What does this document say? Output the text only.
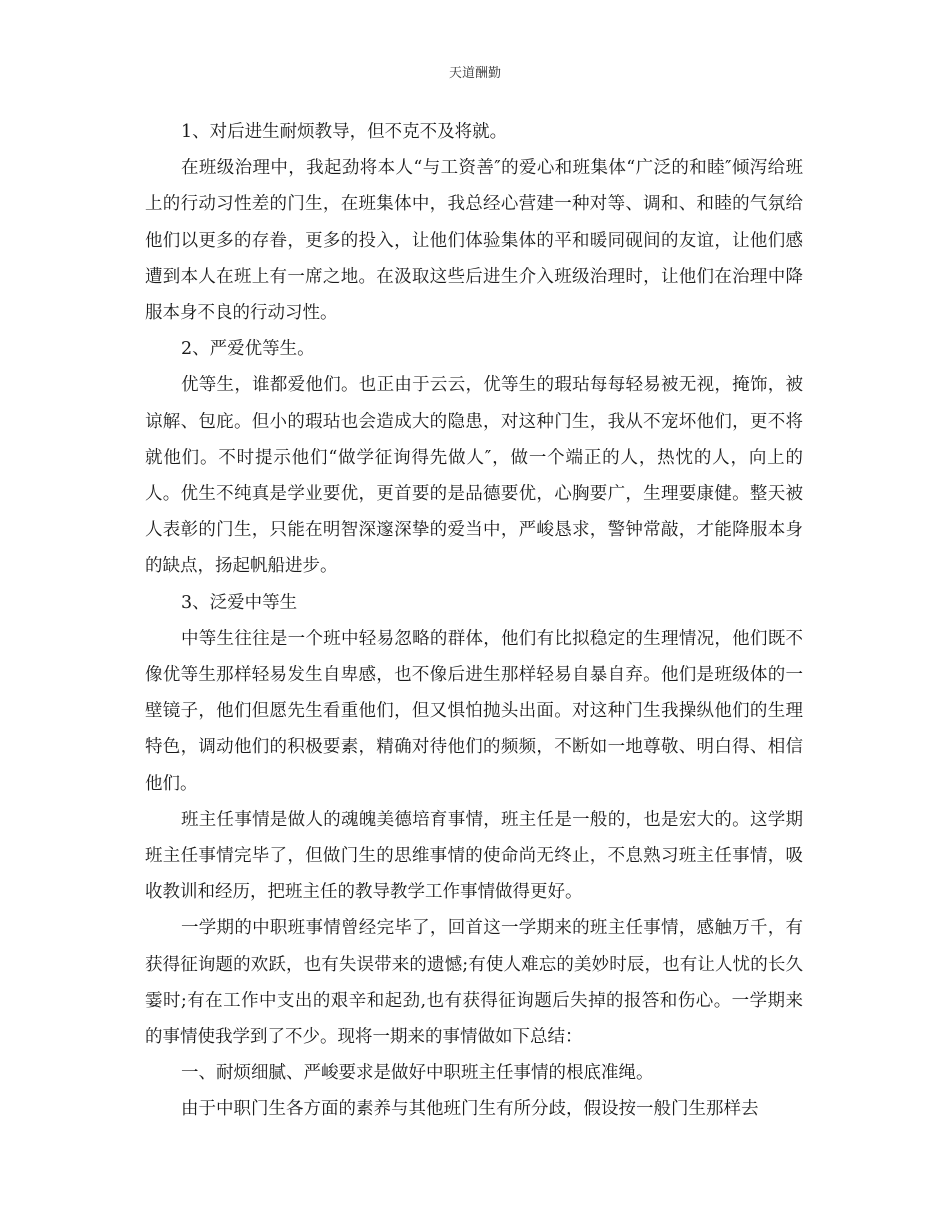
天道酬勤

1、对后进生耐烦教导，但不克不及将就。

在班级治理中，我起劲将本人“与工资善″的爱心和班集体“广泛的和睦″倾泻给班上的行动习性差的门生，在班集体中，我总经心营建一种对等、调和、和睦的气氛给他们以更多的存眷，更多的投入，让他们体验集体的平和暖同砚间的友谊，让他们感遭到本人在班上有一席之地。在汲取这些后进生介入班级治理时，让他们在治理中降服本身不良的行动习性。

2、严爱优等生。

优等生，谁都爱他们。也正由于云云，优等生的瑕玷每每轻易被无视，掩饰，被谅解、包庇。但小的瑕玷也会造成大的隐患，对这种门生，我从不宠坏他们，更不将就他们。不时提示他们“做学征询得先做人″，做一个端正的人，热忱的人，向上的人。优生不纯真是学业要优，更首要的是品德要优，心胸要广，生理要康健。整天被人表彰的门生，只能在明智深邃深挚的爱当中，严峻恳求，警钟常敲，才能降服本身的缺点，扬起帆船进步。

3、泛爱中等生

中等生往往是一个班中轻易忽略的群体，他们有比拟稳定的生理情况，他们既不像优等生那样轻易发生自卑感，也不像后进生那样轻易自暴自弃。他们是班级体的一壁镜子，他们但愿先生看重他们，但又惧怕抛头出面。对这种门生我操纵他们的生理特色，调动他们的积极要素，精确对待他们的频频，不断如一地尊敬、明白得、相信他们。

班主任事情是做人的魂魄美德培育事情，班主任是一般的，也是宏大的。这学期班主任事情完毕了，但做门生的思维事情的使命尚无终止，不息熟习班主任事情，吸收教训和经历，把班主任的教导教学工作事情做得更好。

一学期的中职班事情曾经完毕了，回首这一学期来的班主任事情，感触万千，有获得征询题的欢跃，也有失误带来的遗憾;有使人难忘的美妙时辰，也有让人忧的长久霎时;有在工作中支出的艰辛和起劲,也有获得征询题后失掉的报答和伤心。一学期来的事情使我学到了不少。现将一期来的事情做如下总结：

一、耐烦细腻、严峻要求是做好中职班主任事情的根底准绳。

由于中职门生各方面的素养与其他班门生有所分歧，假设按一般门生那样去
